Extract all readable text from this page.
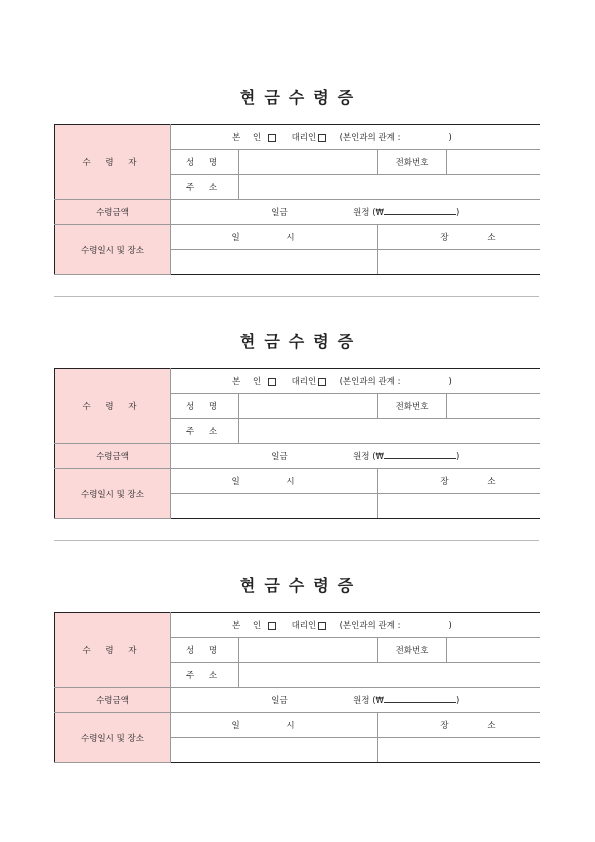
현금수령증
수 령 자	본 인 대리인 (본인과의 관계 : )			
	성 명		전화번호	
	주 소			
수령금액	일금 원정 (₩ )			
수령일시 및 장소	일 시		장 소	

현금수령증
수 령 자	본 인 대리인 (본인과의 관계 : )			
	성 명		전화번호	
	주 소			
수령금액	일금 원정 (₩ )			
수령일시 및 장소	일 시		장 소	

현금수령증
수 령 자	본 인 대리인 (본인과의 관계 : )			
	성 명		전화번호	
	주 소			
수령금액	일금 원정 (₩ )			
수령일시 및 장소	일 시		장 소	
